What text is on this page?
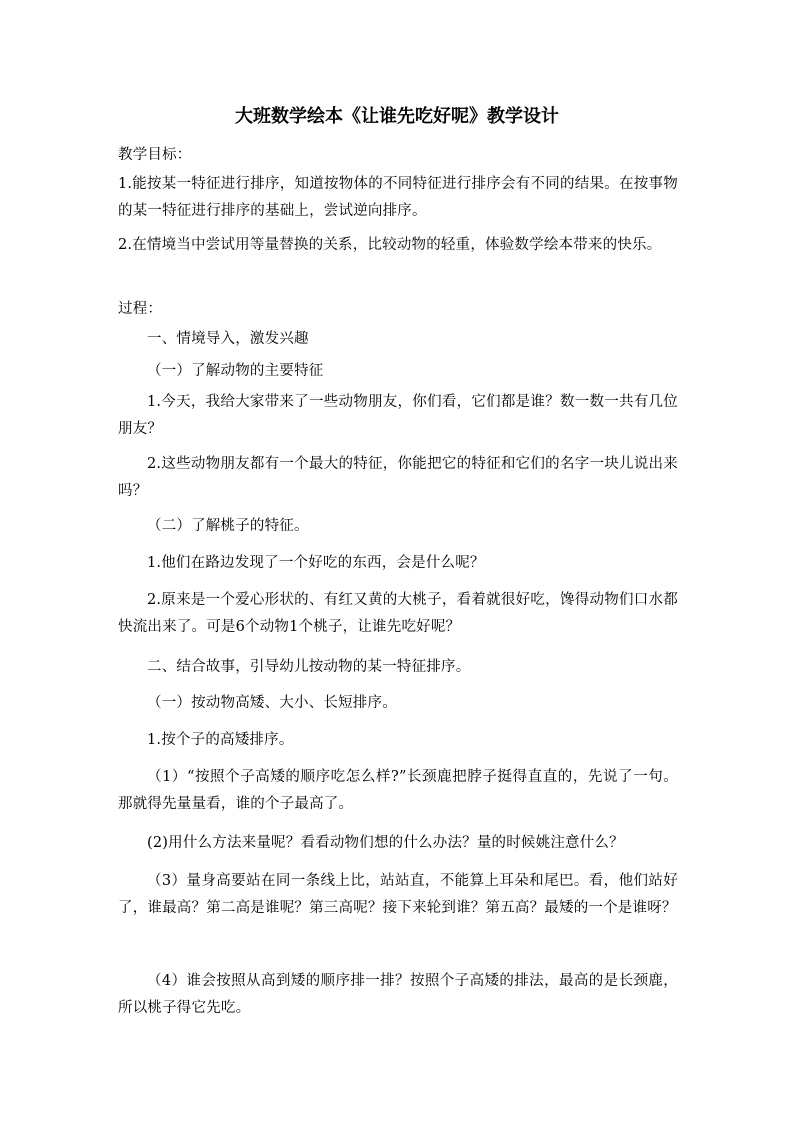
大班数学绘本《让谁先吃好呢》教学设计

教学目标：

1.能按某一特征进行排序，知道按物体的不同特征进行排序会有不同的结果。在按事物的某一特征进行排序的基础上，尝试逆向排序。

2.在情境当中尝试用等量替换的关系，比较动物的轻重，体验数学绘本带来的快乐。

过程：

一、情境导入，激发兴趣

（一）了解动物的主要特征

1.今天，我给大家带来了一些动物朋友，你们看，它们都是谁？数一数一共有几位朋友？

2.这些动物朋友都有一个最大的特征，你能把它的特征和它们的名字一块儿说出来吗？

（二）了解桃子的特征。

1.他们在路边发现了一个好吃的东西，会是什么呢？

2.原来是一个爱心形状的、有红又黄的大桃子，看着就很好吃，馋得动物们口水都快流出来了。可是6个动物1个桃子，让谁先吃好呢？

二、结合故事，引导幼儿按动物的某一特征排序。

（一）按动物高矮、大小、长短排序。

1.按个子的高矮排序。

（1）“按照个子高矮的顺序吃怎么样?”长颈鹿把脖子挺得直直的，先说了一句。那就得先量量看，谁的个子最高了。

(2)用什么方法来量呢？看看动物们想的什么办法？量的时候姚注意什么？

（3）量身高要站在同一条线上比，站站直，不能算上耳朵和尾巴。看，他们站好了，谁最高？第二高是谁呢？第三高呢？接下来轮到谁？第五高？最矮的一个是谁呀？

（4）谁会按照从高到矮的顺序排一排？按照个子高矮的排法，最高的是长颈鹿，所以桃子得它先吃。
